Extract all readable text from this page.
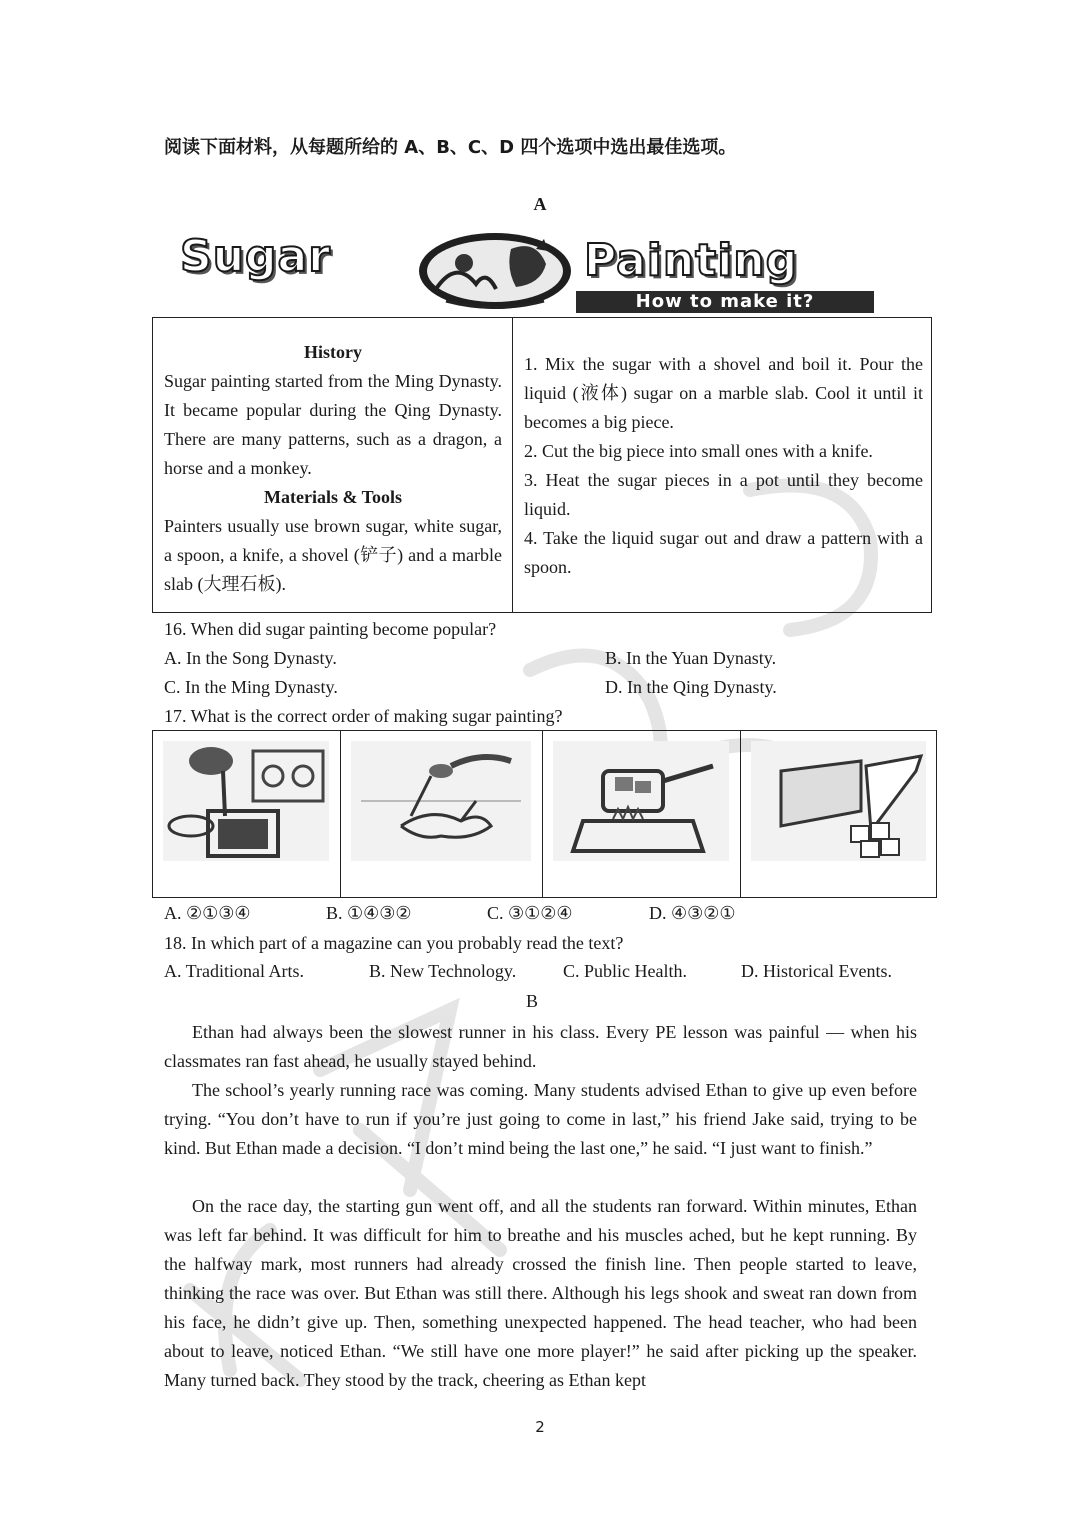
阅读下面材料，从每题所给的 A、B、C、D 四个选项中选出最佳选项。
A
Sugar	Painting
How to make it?
History
Sugar painting started from the Ming Dynasty. It became popular during the Qing Dynasty. There are many patterns, such as a dragon, a horse and a monkey.
Materials & Tools
Painters usually use brown sugar, white sugar, a spoon, a knife, a shovel (铲子) and a marble slab (大理石板).
1. Mix the sugar with a shovel and boil it. Pour the liquid (液体) sugar on a marble slab. Cool it until it becomes a big piece.
2. Cut the big piece into small ones with a knife.
3. Heat the sugar pieces in a pot until they become liquid.
4. Take the liquid sugar out and draw a pattern with a spoon.
16. When did sugar painting become popular?
A. In the Song Dynasty.	B. In the Yuan Dynasty.
C. In the Ming Dynasty.	D. In the Qing Dynasty.
17. What is the correct order of making sugar painting?
A. ②①③④	B. ①④③②	C. ③①②④	D. ④③②①
18. In which part of a magazine can you probably read the text?
A. Traditional Arts.	B. New Technology.	C. Public Health.	D. Historical Events.
B
Ethan had always been the slowest runner in his class. Every PE lesson was painful — when his classmates ran fast ahead, he usually stayed behind.
The school’s yearly running race was coming. Many students advised Ethan to give up even before trying. “You don’t have to run if you’re just going to come in last,” his friend Jake said, trying to be kind. But Ethan made a decision. “I don’t mind being the last one,” he said. “I just want to finish.”
On the race day, the starting gun went off, and all the students ran forward. Within minutes, Ethan was left far behind. It was difficult for him to breathe and his muscles ached, but he kept running. By the halfway mark, most runners had already crossed the finish line. Then people started to leave, thinking the race was over. But Ethan was still there. Although his legs shook and sweat ran down from his face, he didn’t give up. Then, something unexpected happened. The head teacher, who had been about to leave, noticed Ethan. “We still have one more player!” he said after picking up the speaker. Many turned back. They stood by the track, cheering as Ethan kept
2
